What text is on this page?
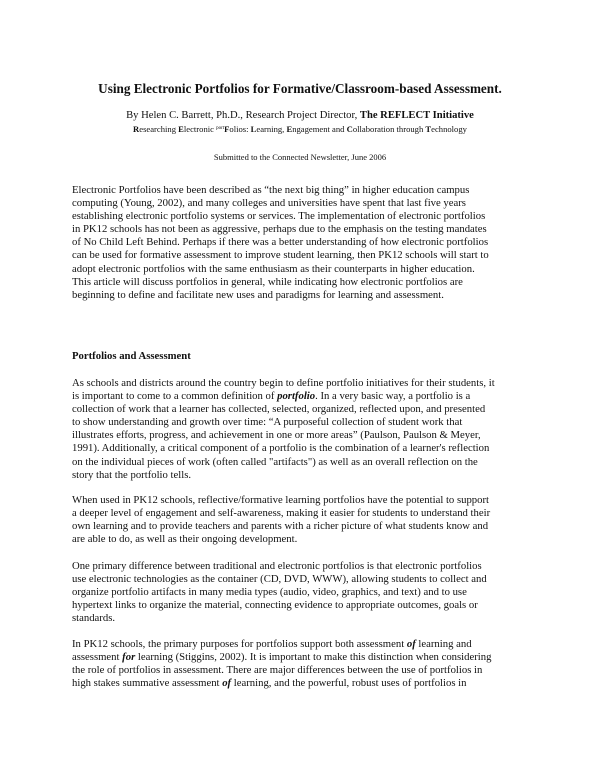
Using Electronic Portfolios for Formative/Classroom-based Assessment.
By Helen C. Barrett, Ph.D., Research Project Director, The REFLECT Initiative
Researching Electronic $^{port}$Folios: Learning, Engagement and Collaboration through Technology
Submitted to the Connected Newsletter, June 2006
Electronic Portfolios have been described as “the next big thing” in higher education campus
computing (Young, 2002), and many colleges and universities have spent that last five years
establishing electronic portfolio systems or services. The implementation of electronic portfolios
in PK12 schools has not been as aggressive, perhaps due to the emphasis on the testing mandates
of No Child Left Behind. Perhaps if there was a better understanding of how electronic portfolios
can be used for formative assessment to improve student learning, then PK12 schools will start to
adopt electronic portfolios with the same enthusiasm as their counterparts in higher education.
This article will discuss portfolios in general, while indicating how electronic portfolios are
beginning to define and facilitate new uses and paradigms for learning and assessment.
Portfolios and Assessment
As schools and districts around the country begin to define portfolio initiatives for their students, it
is important to come to a common definition of portfolio. In a very basic way, a portfolio is a
collection of work that a learner has collected, selected, organized, reflected upon, and presented
to show understanding and growth over time: “A purposeful collection of student work that
illustrates efforts, progress, and achievement in one or more areas” (Paulson, Paulson & Meyer,
1991). Additionally, a critical component of a portfolio is the combination of a learner's reflection
on the individual pieces of work (often called "artifacts") as well as an overall reflection on the
story that the portfolio tells.
When used in PK12 schools, reflective/formative learning portfolios have the potential to support
a deeper level of engagement and self-awareness, making it easier for students to understand their
own learning and to provide teachers and parents with a richer picture of what students know and
are able to do, as well as their ongoing development.
One primary difference between traditional and electronic portfolios is that electronic portfolios
use electronic technologies as the container (CD, DVD, WWW), allowing students to collect and
organize portfolio artifacts in many media types (audio, video, graphics, and text) and to use
hypertext links to organize the material, connecting evidence to appropriate outcomes, goals or
standards.
In PK12 schools, the primary purposes for portfolios support both assessment of learning and
assessment for learning (Stiggins, 2002). It is important to make this distinction when considering
the role of portfolios in assessment. There are major differences between the use of portfolios in
high stakes summative assessment of learning, and the powerful, robust uses of portfolios in
